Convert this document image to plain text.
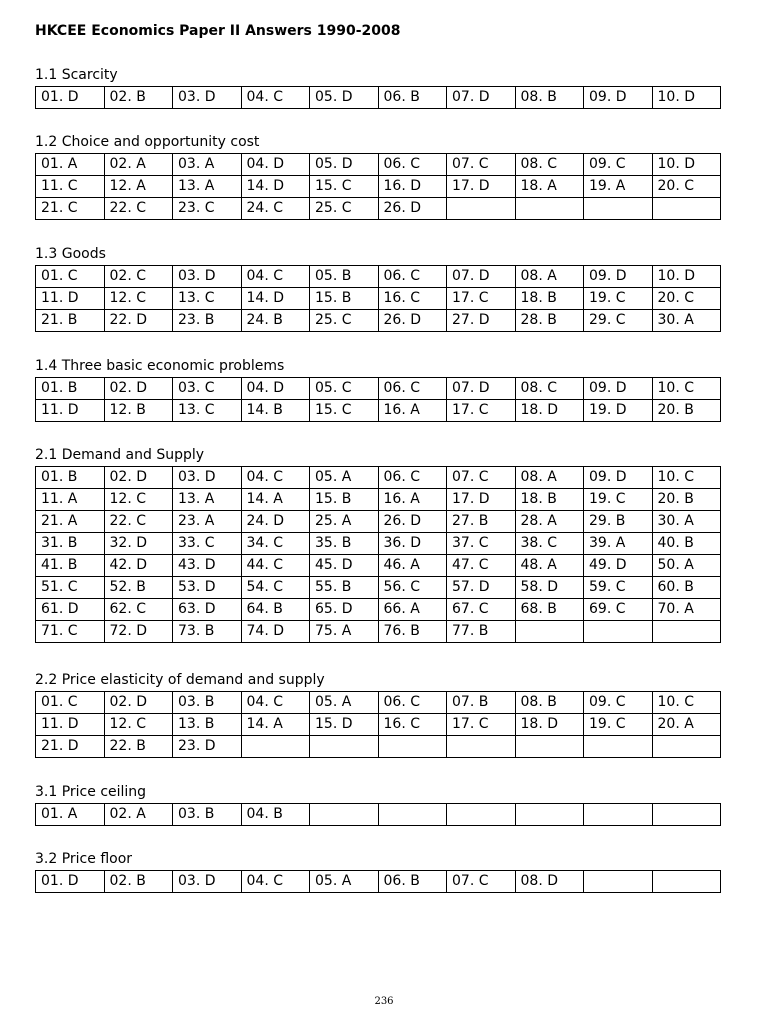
HKCEE Economics Paper II Answers 1990-2008
1.1 Scarcity
01. D	02. B	03. D	04. C	05. D	06. B	07. D	08. B	09. D	10. D
1.2 Choice and opportunity cost
01. A	02. A	03. A	04. D	05. D	06. C	07. C	08. C	09. C	10. D
11. C	12. A	13. A	14. D	15. C	16. D	17. D	18. A	19. A	20. C
21. C	22. C	23. C	24. C	25. C	26. D				
1.3 Goods
01. C	02. C	03. D	04. C	05. B	06. C	07. D	08. A	09. D	10. D
11. D	12. C	13. C	14. D	15. B	16. C	17. C	18. B	19. C	20. C
21. B	22. D	23. B	24. B	25. C	26. D	27. D	28. B	29. C	30. A
1.4 Three basic economic problems
01. B	02. D	03. C	04. D	05. C	06. C	07. D	08. C	09. D	10. C
11. D	12. B	13. C	14. B	15. C	16. A	17. C	18. D	19. D	20. B
2.1 Demand and Supply
01. B	02. D	03. D	04. C	05. A	06. C	07. C	08. A	09. D	10. C
11. A	12. C	13. A	14. A	15. B	16. A	17. D	18. B	19. C	20. B
21. A	22. C	23. A	24. D	25. A	26. D	27. B	28. A	29. B	30. A
31. B	32. D	33. C	34. C	35. B	36. D	37. C	38. C	39. A	40. B
41. B	42. D	43. D	44. C	45. D	46. A	47. C	48. A	49. D	50. A
51. C	52. B	53. D	54. C	55. B	56. C	57. D	58. D	59. C	60. B
61. D	62. C	63. D	64. B	65. D	66. A	67. C	68. B	69. C	70. A
71. C	72. D	73. B	74. D	75. A	76. B	77. B			
2.2 Price elasticity of demand and supply
01. C	02. D	03. B	04. C	05. A	06. C	07. B	08. B	09. C	10. C
11. D	12. C	13. B	14. A	15. D	16. C	17. C	18. D	19. C	20. A
21. D	22. B	23. D							
3.1 Price ceiling
01. A	02. A	03. B	04. B						
3.2 Price floor
01. D	02. B	03. D	04. C	05. A	06. B	07. C	08. D		
236
